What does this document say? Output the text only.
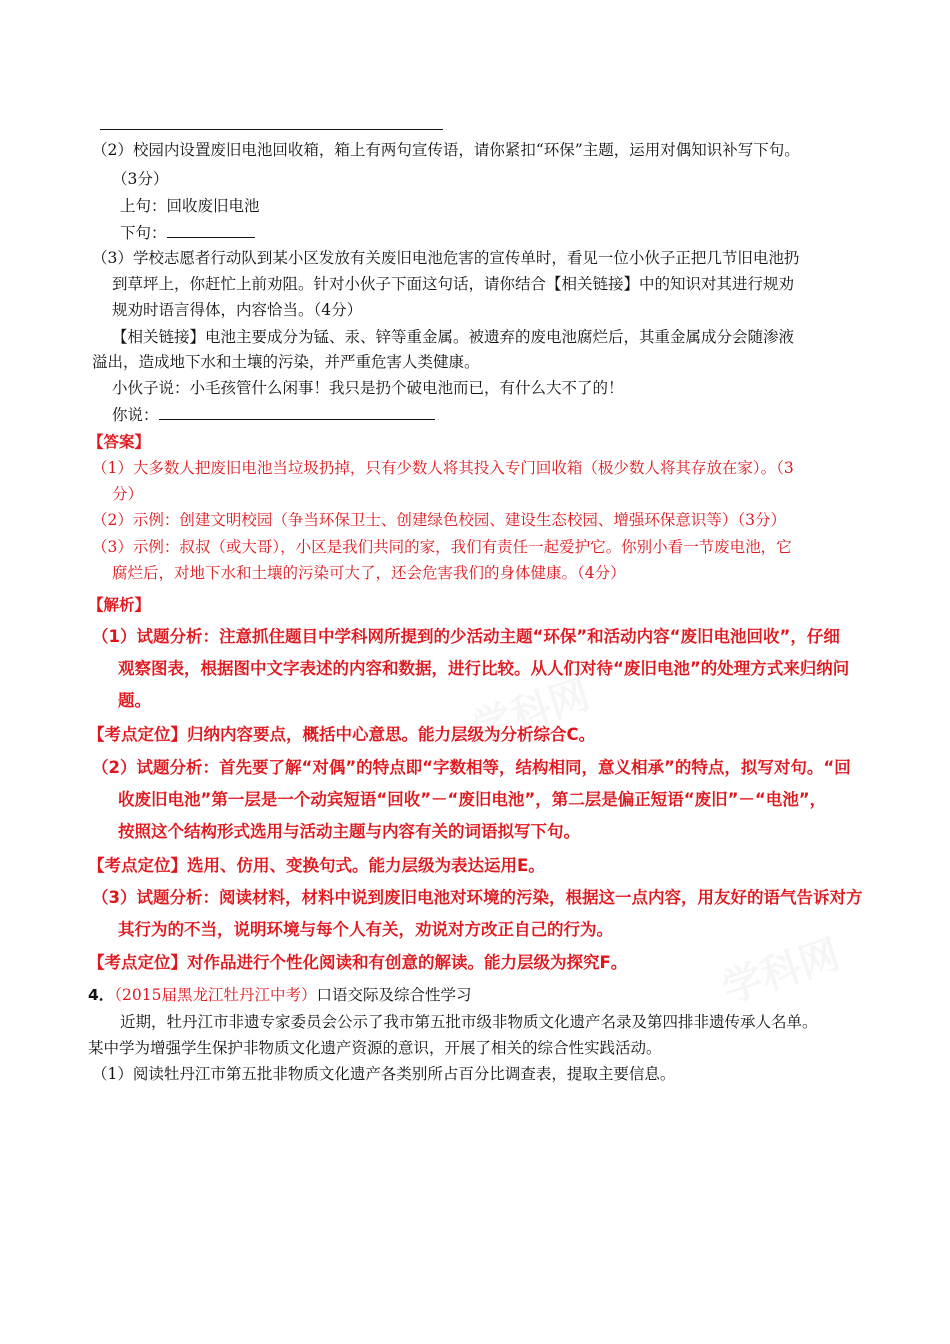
学科网
学科网
（2）校园内设置废旧电池回收箱，箱上有两句宣传语，请你紧扣“环保”主题，运用对偶知识补写下句。
（3分）
上句：回收废旧电池
下句：
（3）学校志愿者行动队到某小区发放有关废旧电池危害的宣传单时，看见一位小伙子正把几节旧电池扔
到草坪上，你赶忙上前劝阻。针对小伙子下面这句话，请你结合【相关链接】中的知识对其进行规劝
规劝时语言得体，内容恰当。（4分）
【相关链接】电池主要成分为锰、汞、锌等重金属。被遗弃的废电池腐烂后，其重金属成分会随渗液
溢出，造成地下水和土壤的污染，并严重危害人类健康。
小伙子说：小毛孩管什么闲事！我只是扔个破电池而已，有什么大不了的！
你说：
【答案】
（1）大多数人把废旧电池当垃圾扔掉，只有少数人将其投入专门回收箱（极少数人将其存放在家）。（3
分）
（2）示例：创建文明校园（争当环保卫士、创建绿色校园、建设生态校园、增强环保意识等）（3分）
（3）示例：叔叔（或大哥），小区是我们共同的家，我们有责任一起爱护它。你别小看一节废电池，它
腐烂后，对地下水和土壤的污染可大了，还会危害我们的身体健康。（4分）
【解析】
（1）试题分析：注意抓住题目中学科网所提到的少活动主题“环保”和活动内容“废旧电池回收”，仔细
观察图表，根据图中文字表述的内容和数据，进行比较。从人们对待“废旧电池”的处理方式来归纳问
题。
【考点定位】归纳内容要点，概括中心意思。能力层级为分析综合C。
（2）试题分析：首先要了解“对偶”的特点即“字数相等，结构相同，意义相承”的特点，拟写对句。“回
收废旧电池”第一层是一个动宾短语“回收”－“废旧电池”，第二层是偏正短语“废旧”－“电池”，
按照这个结构形式选用与活动主题与内容有关的词语拟写下句。
【考点定位】选用、仿用、变换句式。能力层级为表达运用E。
（3）试题分析：阅读材料，材料中说到废旧电池对环境的污染，根据这一点内容，用友好的语气告诉对方
其行为的不当，说明环境与每个人有关，劝说对方改正自己的行为。
【考点定位】对作品进行个性化阅读和有创意的解读。能力层级为探究F。
4．（2015届黑龙江牡丹江中考）口语交际及综合性学习
近期，牡丹江市非遗专家委员会公示了我市第五批市级非物质文化遗产名录及第四排非遗传承人名单。
某中学为增强学生保护非物质文化遗产资源的意识，开展了相关的综合性实践活动。
（1）阅读牡丹江市第五批非物质文化遗产各类别所占百分比调查表，提取主要信息。
